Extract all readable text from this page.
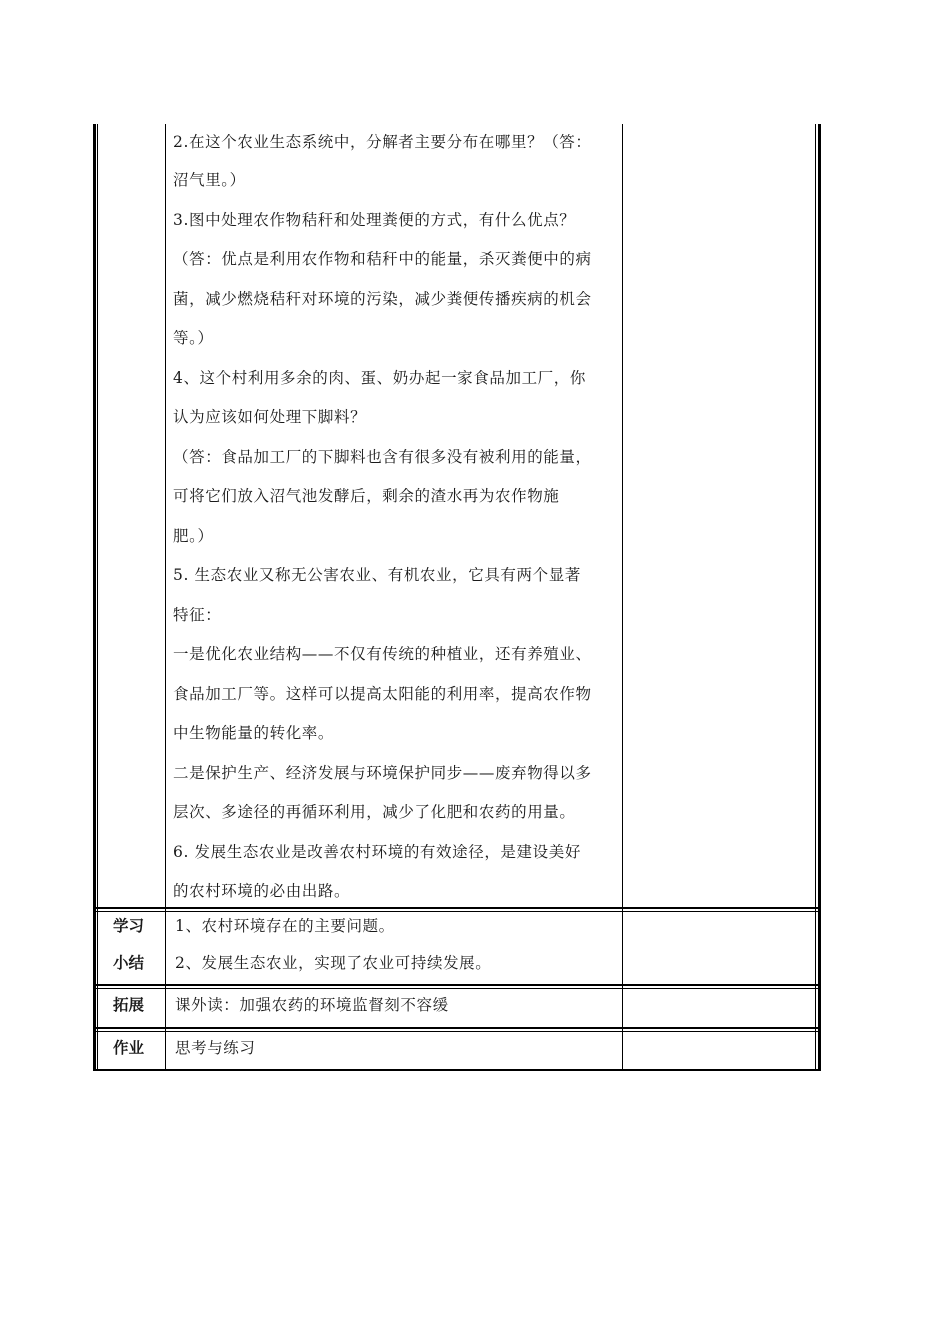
2.在这个农业生态系统中，分解者主要分布在哪里？（答：
沼气里。）
3.图中处理农作物秸秆和处理粪便的方式，有什么优点？
（答：优点是利用农作物和秸秆中的能量，杀灭粪便中的病
菌，减少燃烧秸秆对环境的污染，减少粪便传播疾病的机会
等。）
4、这个村利用多余的肉、蛋、奶办起一家食品加工厂，你
认为应该如何处理下脚料？
（答：食品加工厂的下脚料也含有很多没有被利用的能量，
可将它们放入沼气池发酵后，剩余的渣水再为农作物施
肥。）
5. 生态农业又称无公害农业、有机农业，它具有两个显著
特征：
一是优化农业结构——不仅有传统的种植业，还有养殖业、
食品加工厂等。这样可以提高太阳能的利用率，提高农作物
中生物能量的转化率。
二是保护生产、经济发展与环境保护同步——废弃物得以多
层次、多途径的再循环利用，减少了化肥和农药的用量。
6. 发展生态农业是改善农村环境的有效途径，是建设美好
的农村环境的必由出路。
学习
小结
1、农村环境存在的主要问题。
2、发展生态农业，实现了农业可持续发展。
拓展 课外读：加强农药的环境监督刻不容缓
作业 思考与练习
